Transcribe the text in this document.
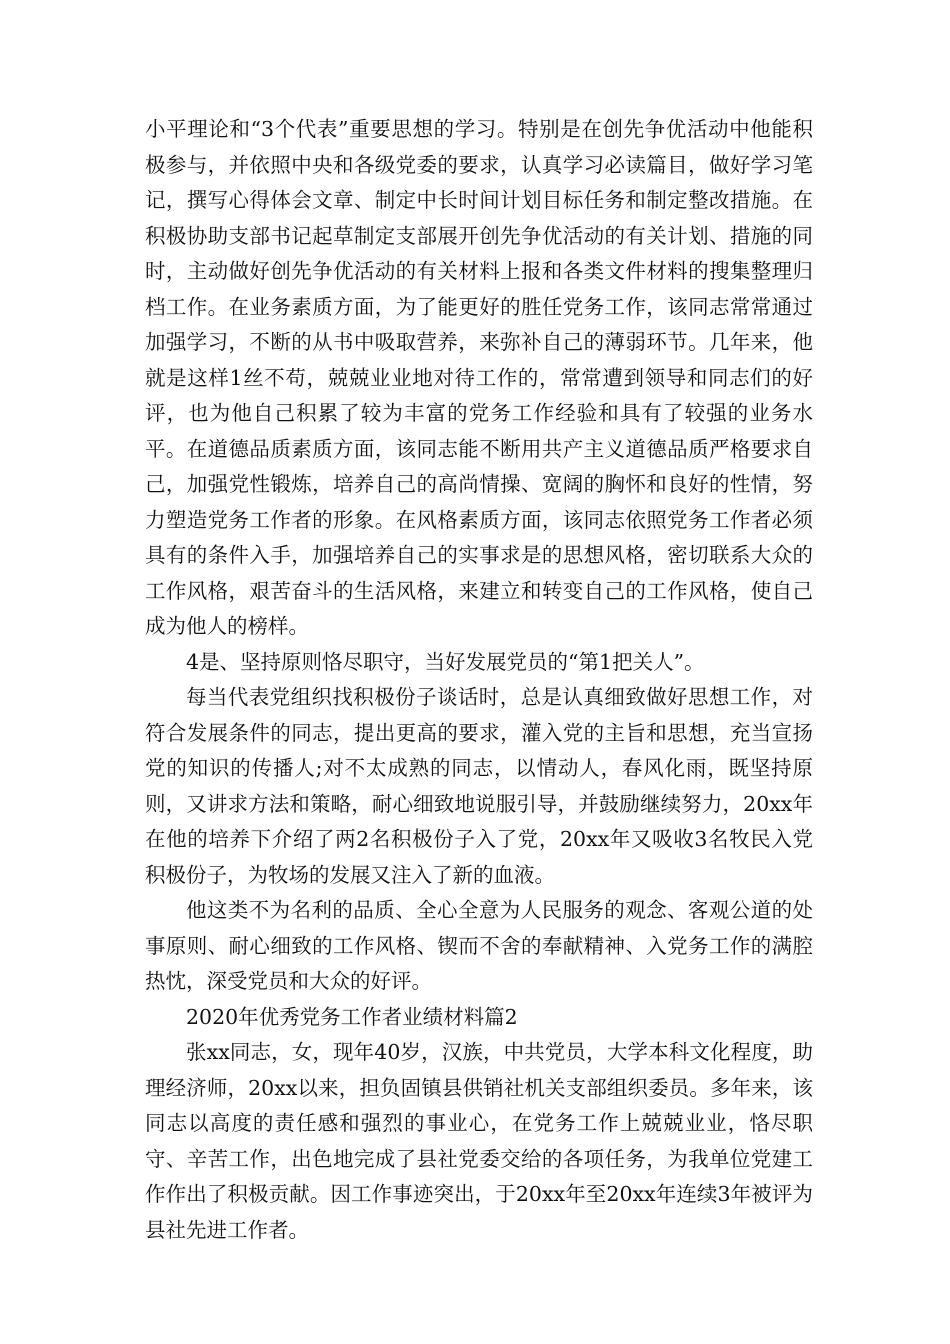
小平理论和“3个代表”重要思想的学习。特别是在创先争优活动中他能积极参与，并依照中央和各级党委的要求，认真学习必读篇目，做好学习笔记，撰写心得体会文章、制定中长时间计划目标任务和制定整改措施。在积极协助支部书记起草制定支部展开创先争优活动的有关计划、措施的同时，主动做好创先争优活动的有关材料上报和各类文件材料的搜集整理归档工作。在业务素质方面，为了能更好的胜任党务工作，该同志常常通过加强学习，不断的从书中吸取营养，来弥补自己的薄弱环节。几年来，他就是这样1丝不苟，兢兢业业地对待工作的，常常遭到领导和同志们的好评，也为他自己积累了较为丰富的党务工作经验和具有了较强的业务水平。在道德品质素质方面，该同志能不断用共产主义道德品质严格要求自己，加强党性锻炼，培养自己的高尚情操、宽阔的胸怀和良好的性情，努力塑造党务工作者的形象。在风格素质方面，该同志依照党务工作者必须具有的条件入手，加强培养自己的实事求是的思想风格，密切联系大众的工作风格，艰苦奋斗的生活风格，来建立和转变自己的工作风格，使自己成为他人的榜样。

4是、坚持原则恪尽职守，当好发展党员的“第1把关人”。

每当代表党组织找积极份子谈话时，总是认真细致做好思想工作，对符合发展条件的同志，提出更高的要求，灌入党的主旨和思想，充当宣扬党的知识的传播人;对不太成熟的同志，以情动人，春风化雨，既坚持原则，又讲求方法和策略，耐心细致地说服引导，并鼓励继续努力，20xx年在他的培养下介绍了两2名积极份子入了党，20xx年又吸收3名牧民入党积极份子，为牧场的发展又注入了新的血液。

他这类不为名利的品质、全心全意为人民服务的观念、客观公道的处事原则、耐心细致的工作风格、锲而不舍的奉献精神、入党务工作的满腔热忱，深受党员和大众的好评。

2020年优秀党务工作者业绩材料篇2

张xx同志，女，现年40岁，汉族，中共党员，大学本科文化程度，助理经济师，20xx以来，担负固镇县供销社机关支部组织委员。多年来，该同志以高度的责任感和强烈的事业心，在党务工作上兢兢业业，恪尽职守、辛苦工作，出色地完成了县社党委交给的各项任务，为我单位党建工作作出了积极贡献。因工作事迹突出，于20xx年至20xx年连续3年被评为县社先进工作者。
